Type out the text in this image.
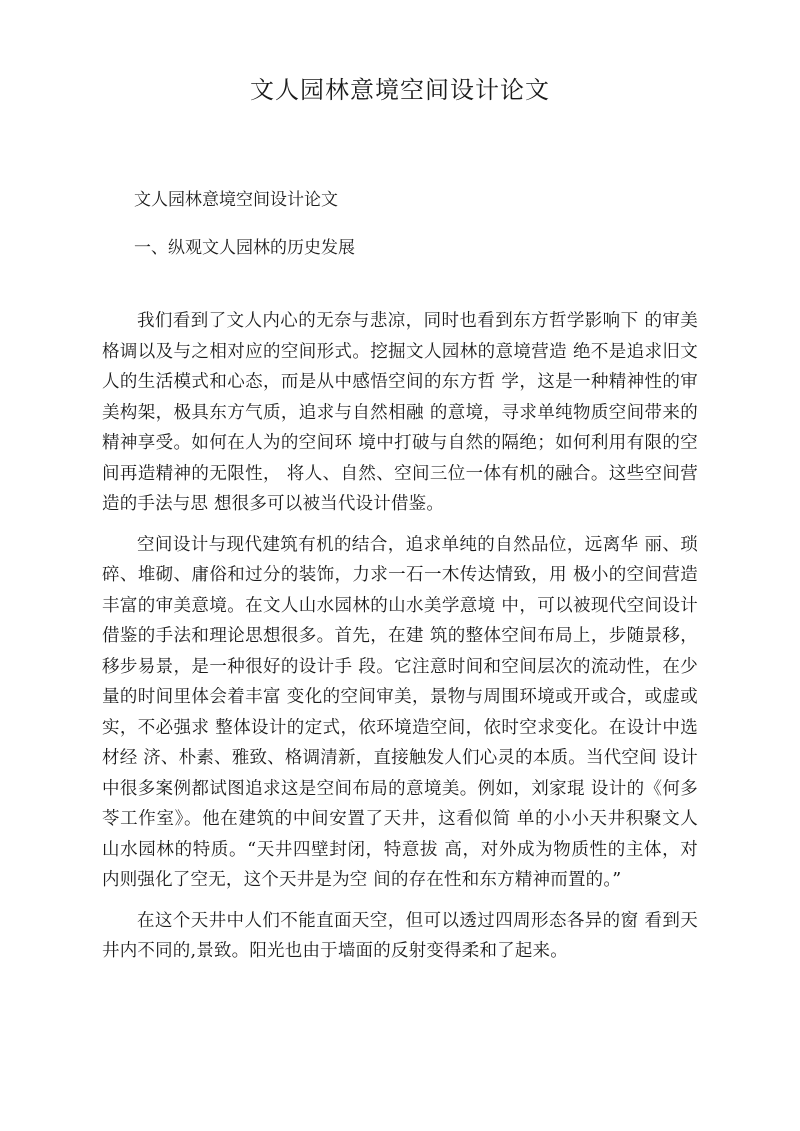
文人园林意境空间设计论文
文人园林意境空间设计论文
一、纵观文人园林的历史发展

我们看到了文人内心的无奈与悲凉，同时也看到东方哲学影响下 的审美格调以及与之相对应的空间形式。挖掘文人园林的意境营造 绝不是追求旧文人的生活模式和心态，而是从中感悟空间的东方哲 学，这是一种精神性的审美构架，极具东方气质，追求与自然相融 的意境，寻求单纯物质空间带来的精神享受。如何在人为的空间环 境中打破与自然的隔绝；如何利用有限的空间再造精神的无限性， 将人、自然、空间三位一体有机的融合。这些空间营造的手法与思 想很多可以被当代设计借鉴。

空间设计与现代建筑有机的结合，追求单纯的自然品位，远离华 丽、琐碎、堆砌、庸俗和过分的装饰，力求一石一木传达情致，用 极小的空间营造丰富的审美意境。在文人山水园林的山水美学意境 中，可以被现代空间设计借鉴的手法和理论思想很多。首先，在建 筑的整体空间布局上，步随景移，移步易景，是一种很好的设计手 段。它注意时间和空间层次的流动性，在少量的时间里体会着丰富 变化的空间审美，景物与周围环境或开或合，或虚或实，不必强求 整体设计的定式，依环境造空间，依时空求变化。在设计中选材经 济、朴素、雅致、格调清新，直接触发人们心灵的本质。当代空间 设计中很多案例都试图追求这是空间布局的意境美。例如，刘家琨 设计的《何多苓工作室》。他在建筑的中间安置了天井，这看似简 单的小小天井积聚文人山水园林的特质。“天井四壁封闭，特意拔 高，对外成为物质性的主体，对内则强化了空无，这个天井是为空 间的存在性和东方精神而置的。”

在这个天井中人们不能直面天空，但可以透过四周形态各异的窗 看到天井内不同的,景致。阳光也由于墙面的反射变得柔和了起来。
